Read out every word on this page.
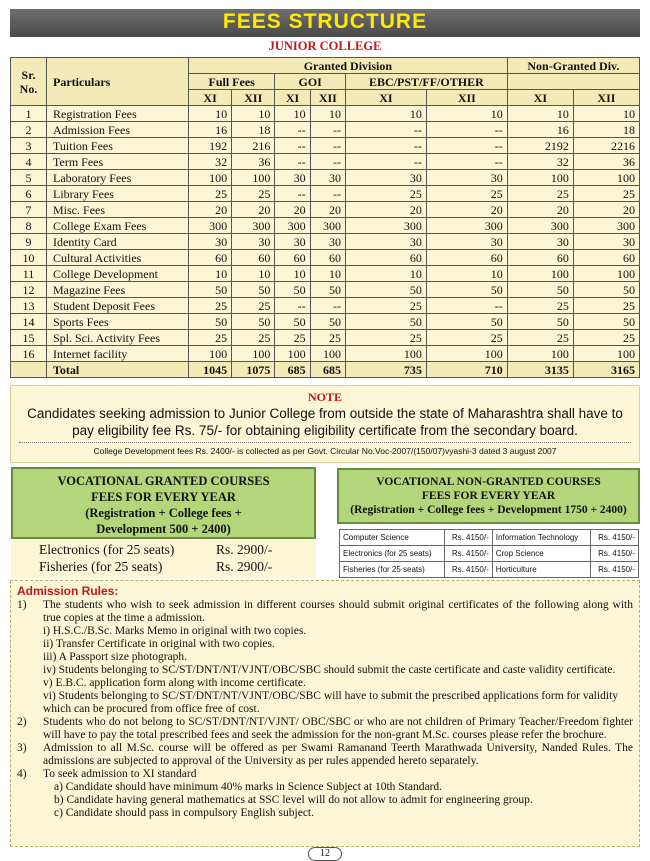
FEES STRUCTURE
JUNIOR COLLEGE
Sr. No.	Particulars	Granted Division						Non-Granted Div.	
		Full Fees		GOI		EBC/PST/FF/OTHER			
		XI	XII	XI	XII	XI	XII	XI	XII
1	Registration Fees	10	10	10	10	10	10	10	10
2	Admission Fees	16	18	--	--	--	--	16	18
3	Tuition Fees	192	216	--	--	--	--	2192	2216
4	Term Fees	32	36	--	--	--	--	32	36
5	Laboratory Fees	100	100	30	30	30	30	100	100
6	Library Fees	25	25	--	--	25	25	25	25
7	Misc. Fees	20	20	20	20	20	20	20	20
8	College Exam Fees	300	300	300	300	300	300	300	300
9	Identity Card	30	30	30	30	30	30	30	30
10	Cultural Activities	60	60	60	60	60	60	60	60
11	College Development	10	10	10	10	10	10	100	100
12	Magazine Fees	50	50	50	50	50	50	50	50
13	Student Deposit Fees	25	25	--	--	25	--	25	25
14	Sports Fees	50	50	50	50	50	50	50	50
15	Spl. Sci. Activity Fees	25	25	25	25	25	25	25	25
16	Internet facility	100	100	100	100	100	100	100	100
	Total	1045	1075	685	685	735	710	3135	3165
NOTE
Candidates seeking admission to Junior College from outside the state of Maharashtra shall have to pay eligibility fee Rs. 75/- for obtaining eligibility certificate from the secondary board.
College Development fees Rs. 2400/- is collected as per Govt. Circular No.Voc-2007/(150/07)vyashi-3 dated 3 august 2007
VOCATIONAL GRANTED COURSES
FEES FOR EVERY YEAR
(Registration + College fees +
Development 500 + 2400)
Electronics (for 25 seats)	Rs. 2900/-
Fisheries (for 25 seats)	Rs. 2900/-
VOCATIONAL NON-GRANTED COURSES
FEES FOR EVERY YEAR
(Registration + College fees + Development 1750 + 2400)
Computer Science	Rs. 4150/-	Information Technology	Rs. 4150/-
Electronics (for 25 seats)	Rs. 4150/-	Crop Science	Rs. 4150/-
Fisheries (for 25 seats)	Rs. 4150/-	Horticulture	Rs. 4150/-
Admission Rules:
1)	The students who wish to seek admission in different courses should submit original certificates of the following along with true copies at the time a admission.
i) H.S.C./B.Sc. Marks Memo in original with two copies.
ii) Transfer Certificate in original with two copies.
iii) A Passport size photograph.
iv) Students belonging to SC/ST/DNT/NT/VJNT/OBC/SBC should submit the caste certificate and caste validity certificate.
v) E.B.C. application form along with income certificate.
vi) Students belonging to SC/ST/DNT/NT/VJNT/OBC/SBC will have to submit the prescribed applications form for validity which can be procured from office free of cost.
2)	Students who do not belong to SC/ST/DNT/NT/VJNT/ OBC/SBC or who are not children of Primary Teacher/Freedom fighter will have to pay the total prescribed fees and seek the admission for the non-grant M.Sc. courses please refer the brochure.
3)	Admission to all M.Sc. course will be offered as per Swami Ramanand Teerth Marathwada University, Nanded Rules. The admissions are subjected to approval of the University as per rules appended hereto separately.
4)	To seek admission to XI standard
a) Candidate should have minimum 40% marks in Science Subject at 10th Standard.
b) Candidate having general mathematics at SSC level will do not allow to admit for engineering group.
c) Candidate should pass in compulsory English subject.
12
